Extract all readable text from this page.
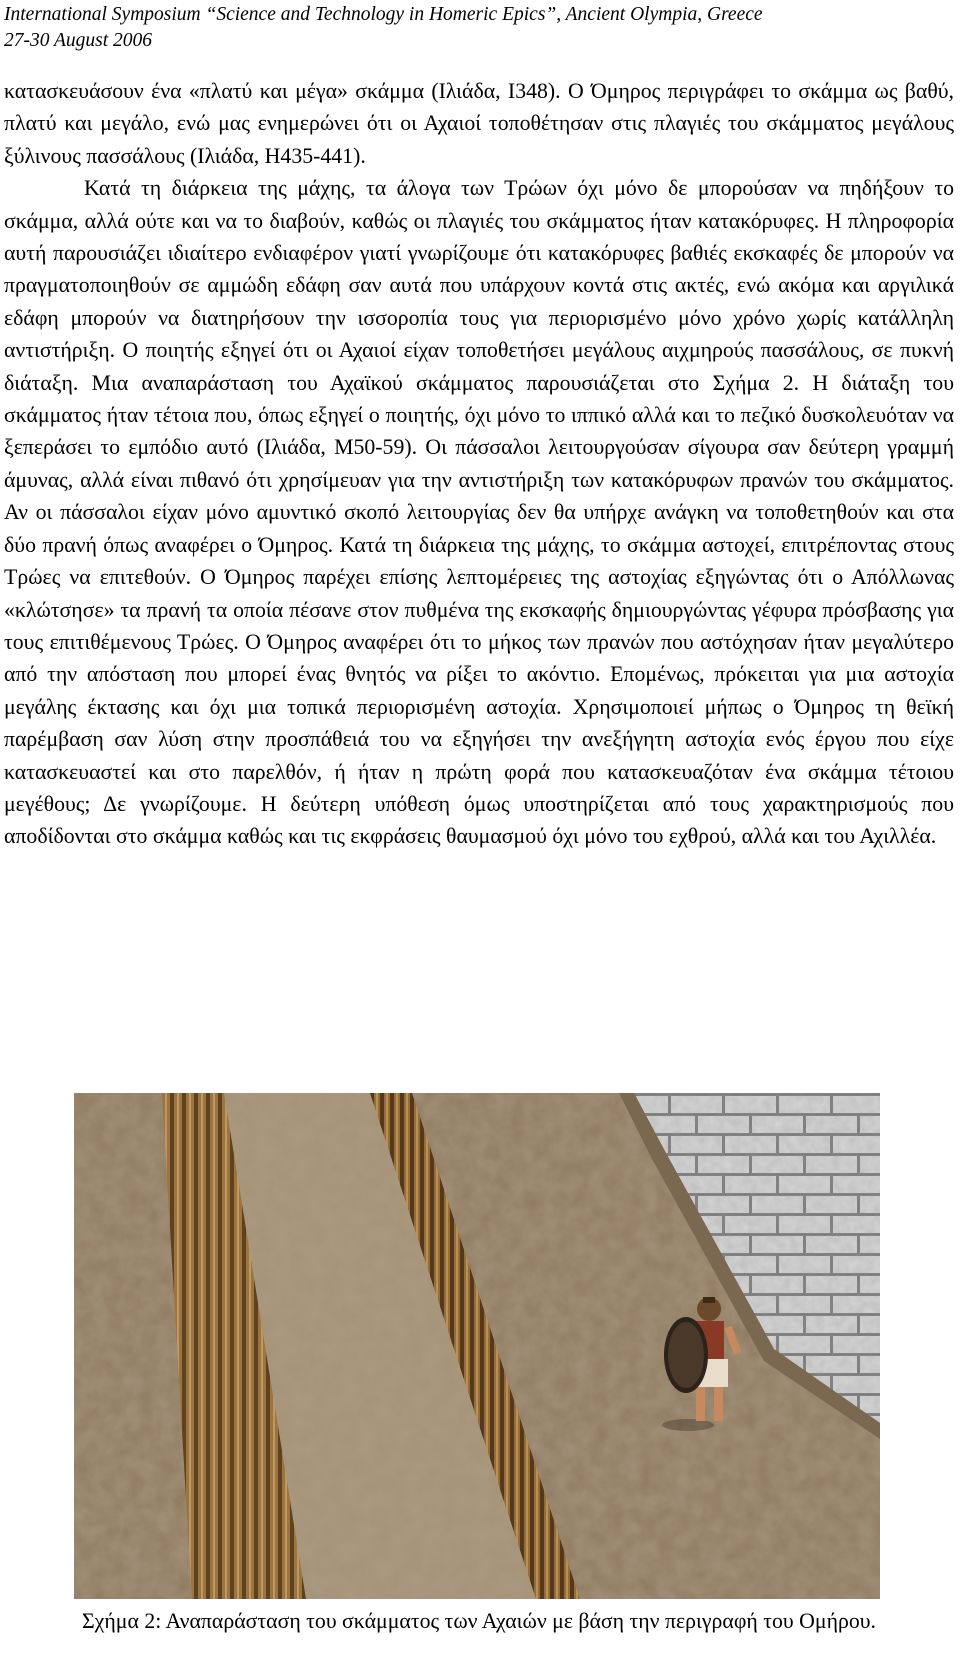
International Symposium “Science and Technology in Homeric Epics”, Ancient Olympia, Greece
27-30 August 2006

κατασκευάσουν ένα «πλατύ και μέγα» σκάμμα (Ιλιάδα, Ι348). Ο Όμηρος περιγράφει το σκάμμα ως βαθύ, πλατύ και μεγάλο, ενώ μας ενημερώνει ότι οι Αχαιοί τοποθέτησαν στις πλαγιές του σκάμματος μεγάλους ξύλινους πασσάλους (Ιλιάδα, Η435-441).

Κατά τη διάρκεια της μάχης, τα άλογα των Τρώων όχι μόνο δε μπορούσαν να πηδήξουν το σκάμμα, αλλά ούτε και να το διαβούν, καθώς οι πλαγιές του σκάμματος ήταν κατακόρυφες. Η πληροφορία αυτή παρουσιάζει ιδιαίτερο ενδιαφέρον γιατί γνωρίζουμε ότι κατακόρυφες βαθιές εκσκαφές δε μπορούν να πραγματοποιηθούν σε αμμώδη εδάφη σαν αυτά που υπάρχουν κοντά στις ακτές, ενώ ακόμα και αργιλικά εδάφη μπορούν να διατηρήσουν την ισσοροπία τους για περιορισμένο μόνο χρόνο χωρίς κατάλληλη αντιστήριξη. Ο ποιητής εξηγεί ότι οι Αχαιοί είχαν τοποθετήσει μεγάλους αιχμηρούς πασσάλους, σε πυκνή διάταξη. Μια αναπαράσταση του Αχαϊκού σκάμματος παρουσιάζεται στο Σχήμα 2. Η διάταξη του σκάμματος ήταν τέτοια που, όπως εξηγεί ο ποιητής, όχι μόνο το ιππικό αλλά και το πεζικό δυσκολευόταν να ξεπεράσει το εμπόδιο αυτό (Ιλιάδα, Μ50-59). Οι πάσσαλοι λειτουργούσαν σίγουρα σαν δεύτερη γραμμή άμυνας, αλλά είναι πιθανό ότι χρησίμευαν για την αντιστήριξη των κατακόρυφων πρανών του σκάμματος. Αν οι πάσσαλοι είχαν μόνο αμυντικό σκοπό λειτουργίας δεν θα υπήρχε ανάγκη να τοποθετηθούν και στα δύο πρανή όπως αναφέρει ο Όμηρος. Κατά τη διάρκεια της μάχης, το σκάμμα αστοχεί, επιτρέποντας στους Τρώες να επιτεθούν. Ο Όμηρος παρέχει επίσης λεπτομέρειες της αστοχίας εξηγώντας ότι ο Απόλλωνας «κλώτσησε» τα πρανή τα οποία πέσανε στον πυθμένα της εκσκαφής δημιουργώντας γέφυρα πρόσβασης για τους επιτιθέμενους Τρώες. Ο Όμηρος αναφέρει ότι το μήκος των πρανών που αστόχησαν ήταν μεγαλύτερο από την απόσταση που μπορεί ένας θνητός να ρίξει το ακόντιο. Επομένως, πρόκειται για μια αστοχία μεγάλης έκτασης και όχι μια τοπικά περιορισμένη αστοχία. Χρησιμοποιεί μήπως ο Όμηρος τη θεϊκή παρέμβαση σαν λύση στην προσπάθειά του να εξηγήσει την ανεξήγητη αστοχία ενός έργου που είχε κατασκευαστεί και στο παρελθόν, ή ήταν η πρώτη φορά που κατασκευαζόταν ένα σκάμμα τέτοιου μεγέθους; Δε γνωρίζουμε. Η δεύτερη υπόθεση όμως υποστηρίζεται από τους χαρακτηρισμούς που αποδίδονται στο σκάμμα καθώς και τις εκφράσεις θαυμασμού όχι μόνο του εχθρού, αλλά και του Αχιλλέα.

Σχήμα 2: Αναπαράσταση του σκάμματος των Αχαιών με βάση την περιγραφή του Ομήρου.
